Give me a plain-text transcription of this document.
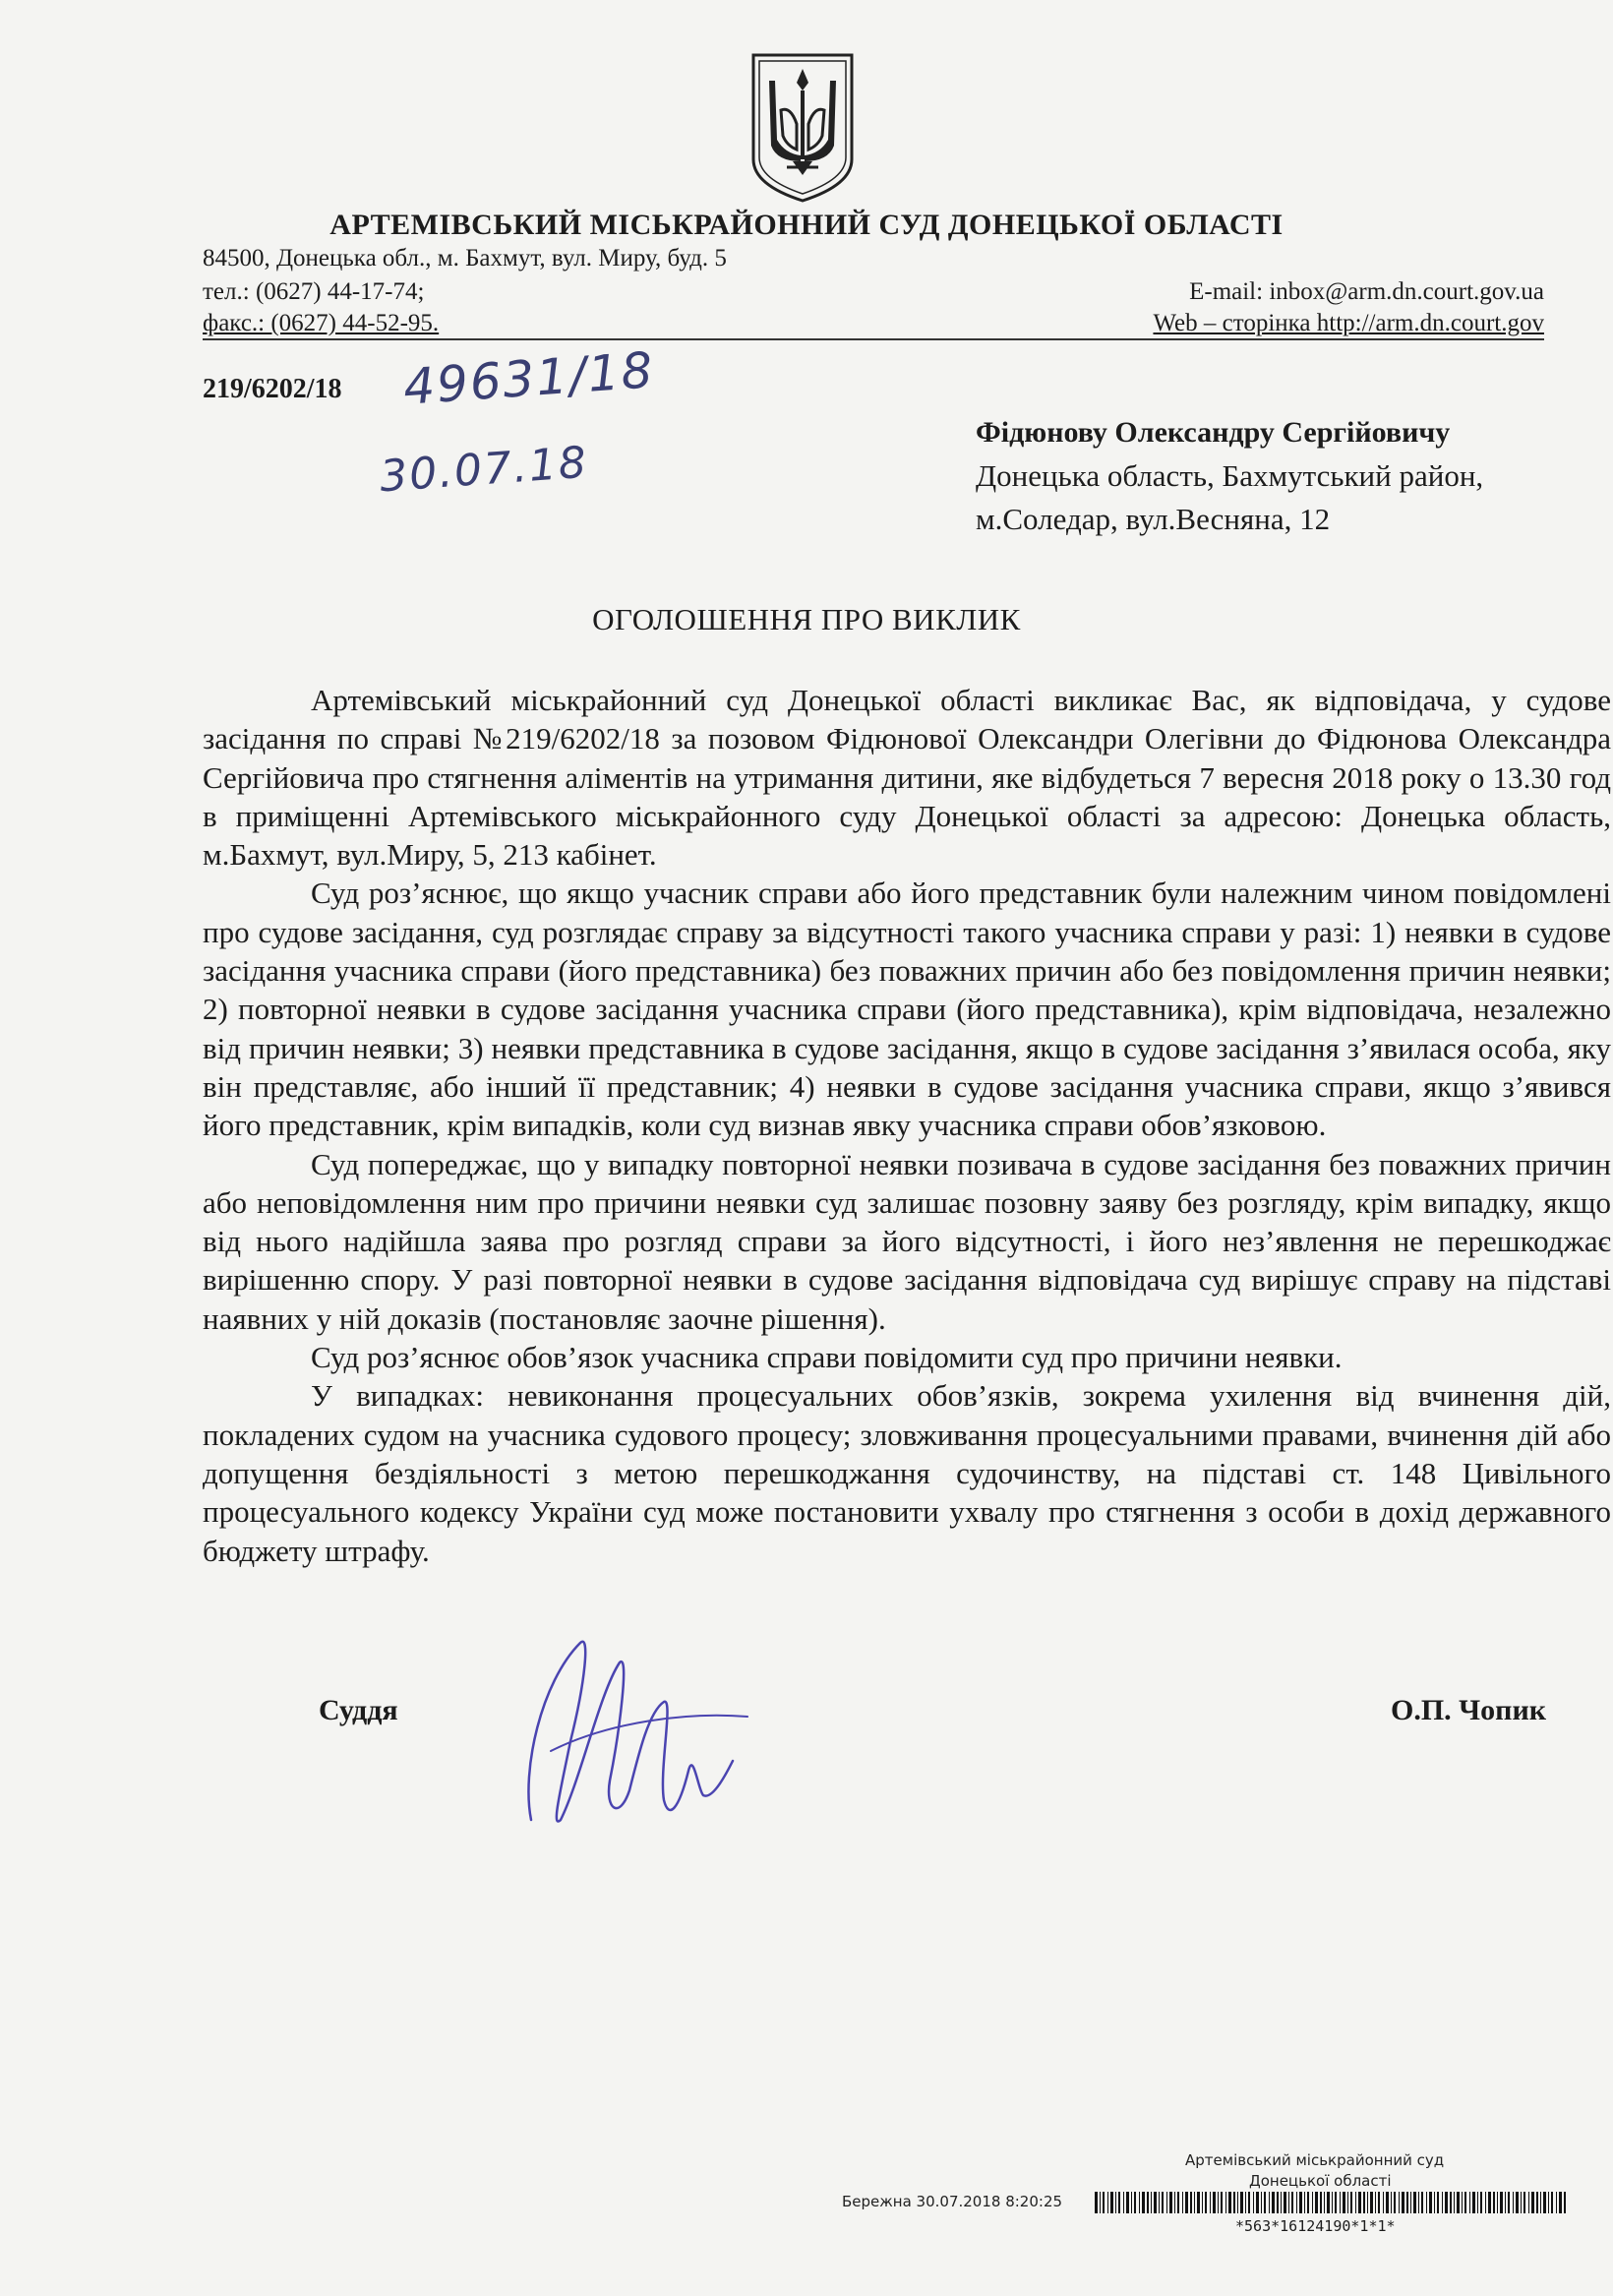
АРТЕМІВСЬКИЙ МІСЬКРАЙОННИЙ СУД ДОНЕЦЬКОЇ ОБЛАСТІ
84500, Донецька обл., м. Бахмут, вул. Миру, буд. 5
тел.: (0627) 44-17-74;
факс.: (0627) 44-52-95.
E-mail: inbox@arm.dn.court.gov.ua
Web – сторінка http://arm.dn.court.gov
219/6202/18 49631/18
30.07.18
Фідюнову Олександру Сергійовичу
Донецька область, Бахмутський район,
м.Соледар, вул.Весняна, 12
ОГОЛОШЕННЯ ПРО ВИКЛИК

Артемівський міськрайонний суд Донецької області викликає Вас, як відповідача, у судове засідання по справі №219/6202/18 за позовом Фідюнової Олександри Олегівни до Фідюнова Олександра Сергійовича про стягнення аліментів на утримання дитини, яке відбудеться 7 вересня 2018 року о 13.30 год в приміщенні Артемівського міськрайонного суду Донецької області за адресою: Донецька область, м.Бахмут, вул.Миру, 5, 213 кабінет.

Суд роз’яснює, що якщо учасник справи або його представник були належним чином повідомлені про судове засідання, суд розглядає справу за відсутності такого учасника справи у разі: 1) неявки в судове засідання учасника справи (його представника) без поважних причин або без повідомлення причин неявки; 2) повторної неявки в судове засідання учасника справи (його представника), крім відповідача, незалежно від причин неявки; 3) неявки представника в судове засідання, якщо в судове засідання з’явилася особа, яку він представляє, або інший її представник; 4) неявки в судове засідання учасника справи, якщо з’явився його представник, крім випадків, коли суд визнав явку учасника справи обов’язковою.

Суд попереджає, що у випадку повторної неявки позивача в судове засідання без поважних причин або неповідомлення ним про причини неявки суд залишає позовну заяву без розгляду, крім випадку, якщо від нього надійшла заява про розгляд справи за його відсутності, і його нез’явлення не перешкоджає вирішенню спору. У разі повторної неявки в судове засідання відповідача суд вирішує справу на підставі наявних у ній доказів (постановляє заочне рішення).

Суд роз’яснює обов’язок учасника справи повідомити суд про причини неявки.

У випадках: невиконання процесуальних обов’язків, зокрема ухилення від вчинення дій, покладених судом на учасника судового процесу; зловживання процесуальними правами, вчинення дій або допущення бездіяльності з метою перешкоджання судочинству, на підставі ст. 148 Цивільного процесуального кодексу України суд може постановити ухвалу про стягнення з особи в дохід державного бюджету штрафу.

Суддя	О.П. Чопик
Артемівський міськрайонний суд
Донецької області
Бережна 30.07.2018 8:20:25
*563*16124190*1*1*
